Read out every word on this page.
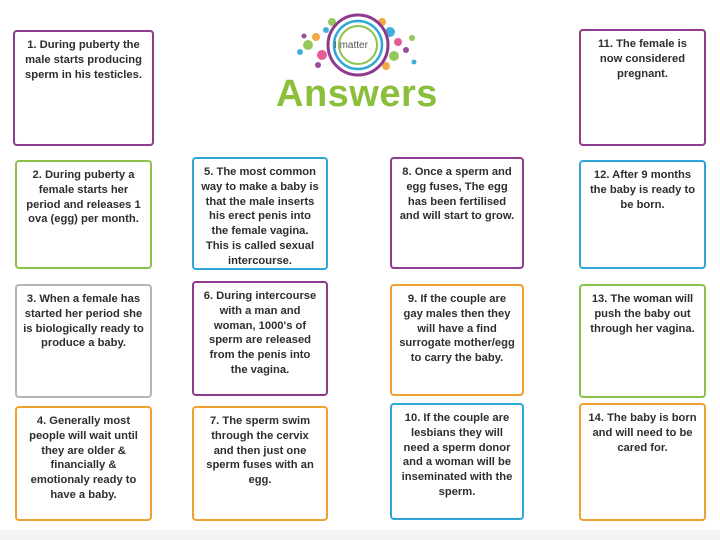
I matter
Answers
1. During puberty the male starts producing sperm in his testicles.
2. During puberty a female starts her period and releases 1 ova (egg) per month.
3. When a female has started her period she is biologically ready to produce a baby.
4. Generally most people will wait until they are older & financially & emotionaly ready to have a baby.
5. The most common way to make a baby is that the male inserts his erect penis into the female vagina. This is called sexual intercourse.
6. During intercourse with a man and woman, 1000's of sperm are released from the penis into the vagina.
7. The sperm swim through the cervix and then just one sperm fuses with an egg.
8. Once a sperm and egg fuses, The egg has been fertilised and will start to grow.
9. If the couple are gay males then they will have a find surrogate mother/egg to carry the baby.
10. If the couple are lesbians they will need a sperm donor and a woman will be inseminated with the sperm.
11. The female is now considered pregnant.
12. After 9 months the baby is ready to be born.
13. The woman will push the baby out through her vagina.
14. The baby is born and will need to be cared for.
